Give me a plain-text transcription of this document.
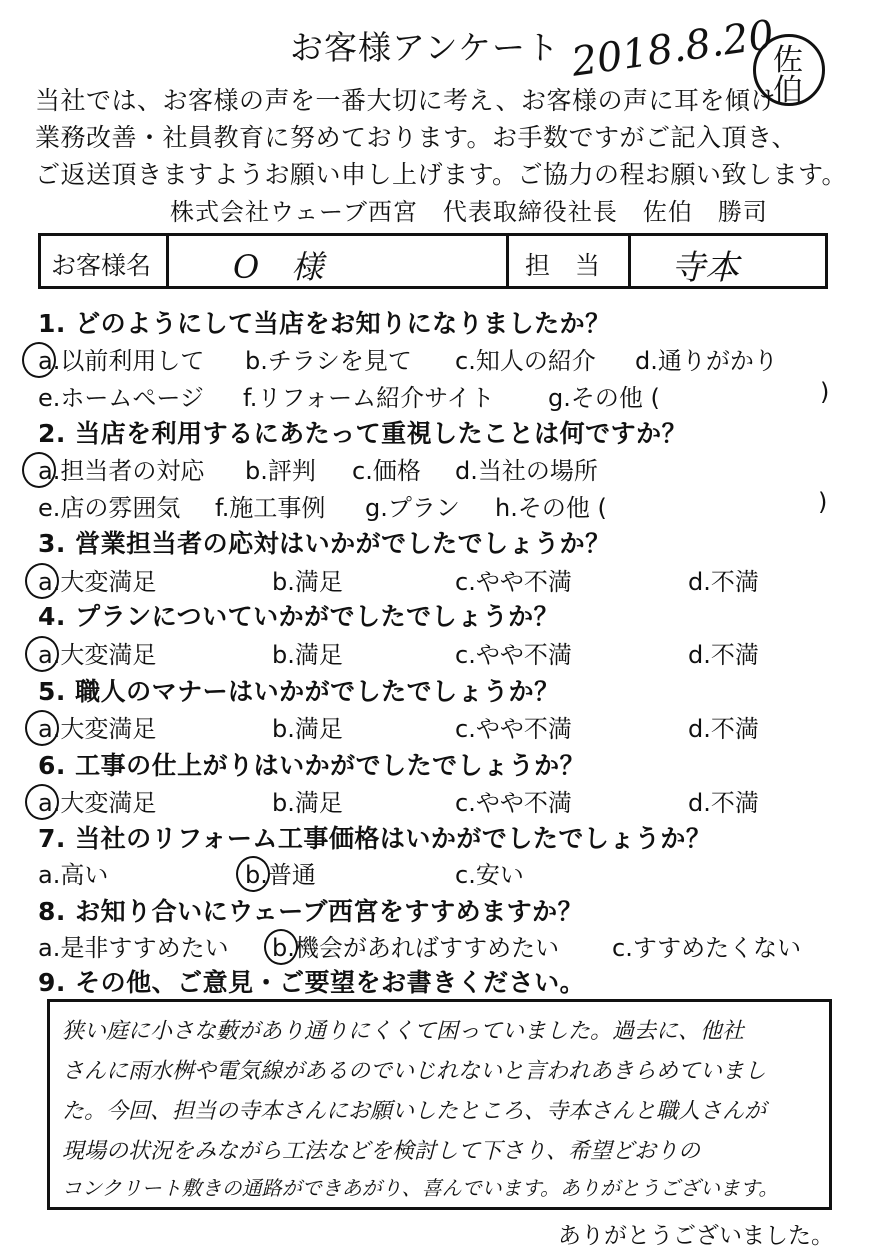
お客様アンケート 2018.8.20
佐
伯
当社では、お客様の声を一番大切に考え、お客様の声に耳を傾け
業務改善・社員教育に努めております。お手数ですがご記入頂き、
ご返送頂きますようお願い申し上げます。ご協力の程お願い致します。
株式会社ウェーブ西宮　代表取締役社長　佐伯　勝司
お客様名	O　様	担　当 寺本
1. どのようにして当店をお知りになりましたか？
a.以前利用して b.チラシを見て c.知人の紹介 d.通りがかり
e.ホームページ f.リフォーム紹介サイト g.その他 (	)
2. 当店を利用するにあたって重視したことは何ですか？
a.担当者の対応 b.評判 c.価格 d.当社の場所
e.店の雰囲気 f.施工事例 g.プラン h.その他 (	)
3. 営業担当者の応対はいかがでしたでしょうか？
a.大変満足	b.満足	c.やや不満	d.不満
4. プランについていかがでしたでしょうか？
a.大変満足	b.満足	c.やや不満	d.不満
5. 職人のマナーはいかがでしたでしょうか？
a.大変満足	b.満足	c.やや不満	d.不満
6. 工事の仕上がりはいかがでしたでしょうか？
a.大変満足	b.満足	c.やや不満	d.不満
7. 当社のリフォーム工事価格はいかがでしたでしょうか？
a.高い	b.普通	c.安い
8. お知り合いにウェーブ西宮をすすめますか？
a.是非すすめたい b.機会があればすすめたい c.すすめたくない
9. その他、ご意見・ご要望をお書きください。
狭い庭に小さな藪があり通りにくくて困っていました。過去に、他社
さんに雨水桝や電気線があるのでいじれないと言われあきらめていまし
た。今回、担当の寺本さんにお願いしたところ、寺本さんと職人さんが
現場の状況をみながら工法などを検討して下さり、希望どおりの
コンクリート敷きの通路ができあがり、喜んでいます。ありがとうございます。
ありがとうございました。
